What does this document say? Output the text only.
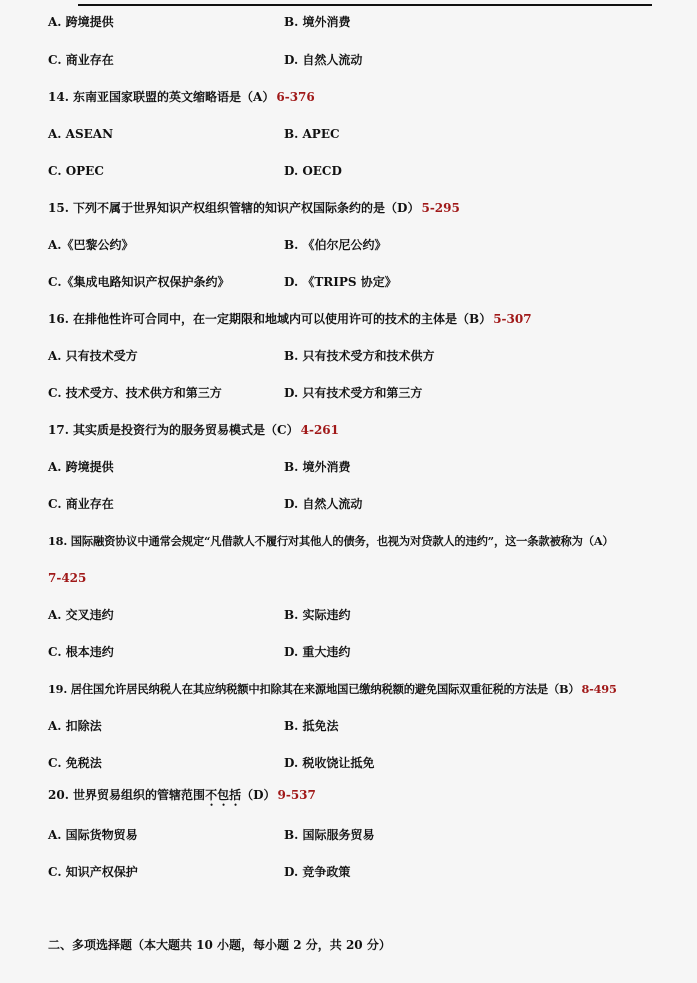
A. 跨境提供	B. 境外消费
C. 商业存在	D. 自然人流动
14. 东南亚国家联盟的英文缩略语是（A） 6-376
A. ASEAN	B. APEC
C. OPEC	D. OECD
15. 下列不属于世界知识产权组织管辖的知识产权国际条约的是（D） 5-295
A.《巴黎公约》	B. 《伯尔尼公约》
C.《集成电路知识产权保护条约》	D. 《TRIPS 协定》
16. 在排他性许可合同中，在一定期限和地域内可以使用许可的技术的主体是（B） 5-307
A. 只有技术受方	B. 只有技术受方和技术供方
C. 技术受方、技术供方和第三方	D. 只有技术受方和第三方
17. 其实质是投资行为的服务贸易模式是（C） 4-261
A. 跨境提供	B. 境外消费
C. 商业存在	D. 自然人流动
18. 国际融资协议中通常会规定“凡借款人不履行对其他人的债务，也视为对贷款人的违约”，这一条款被称为（A）
7-425
A. 交叉违约	B. 实际违约
C. 根本违约	D. 重大违约
19. 居住国允许居民纳税人在其应纳税额中扣除其在来源地国已缴纳税额的避免国际双重征税的方法是（B） 8-495
A. 扣除法	B. 抵免法
C. 免税法	D. 税收饶让抵免
20. 世界贸易组织的管辖范围不包括（D） 9-537
A. 国际货物贸易	B. 国际服务贸易
C. 知识产权保护	D. 竞争政策
二、多项选择题（本大题共 10 小题，每小题 2 分，共 20 分）
